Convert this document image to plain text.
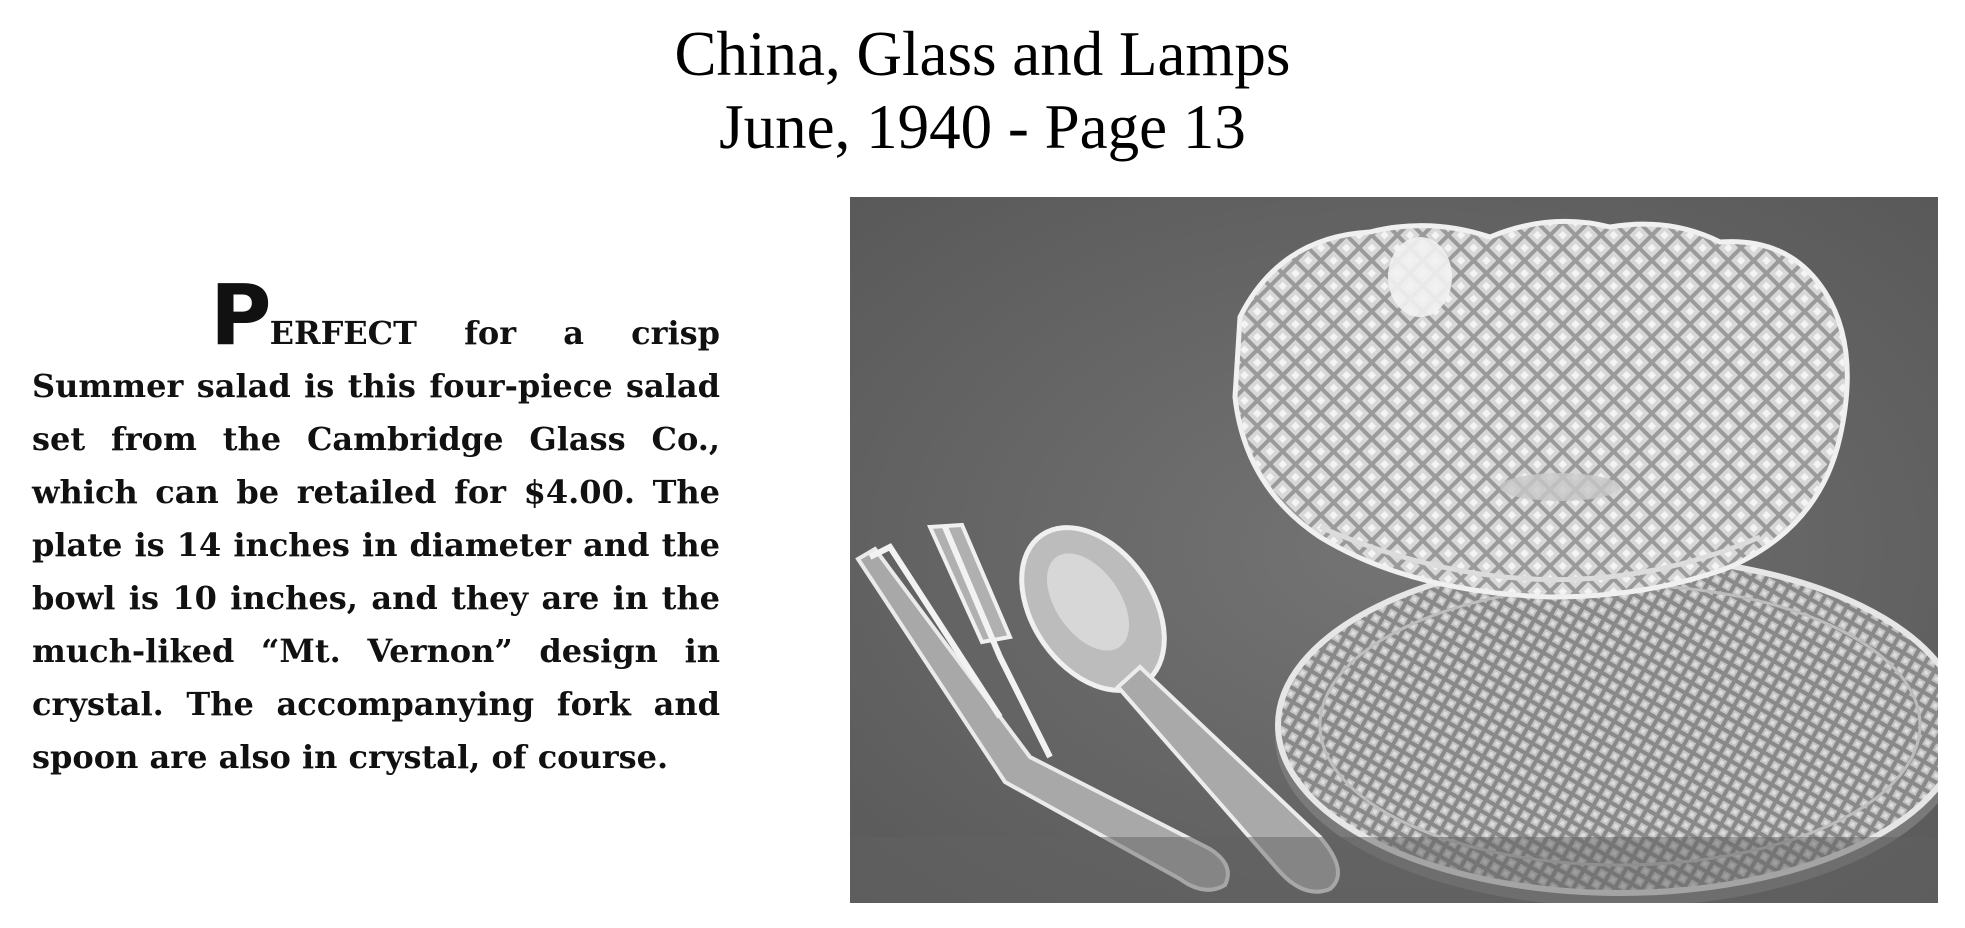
China, Glass and Lamps
June, 1940 - Page 13
PERFECT for a crisp Summer salad is this four-piece salad set from the Cambridge Glass Co., which can be retailed for $4.00. The plate is 14 inches in diameter and the bowl is 10 inches, and they are in the much-liked “Mt. Vernon” design in crystal. The accompanying fork and spoon are also in crystal, of course.
